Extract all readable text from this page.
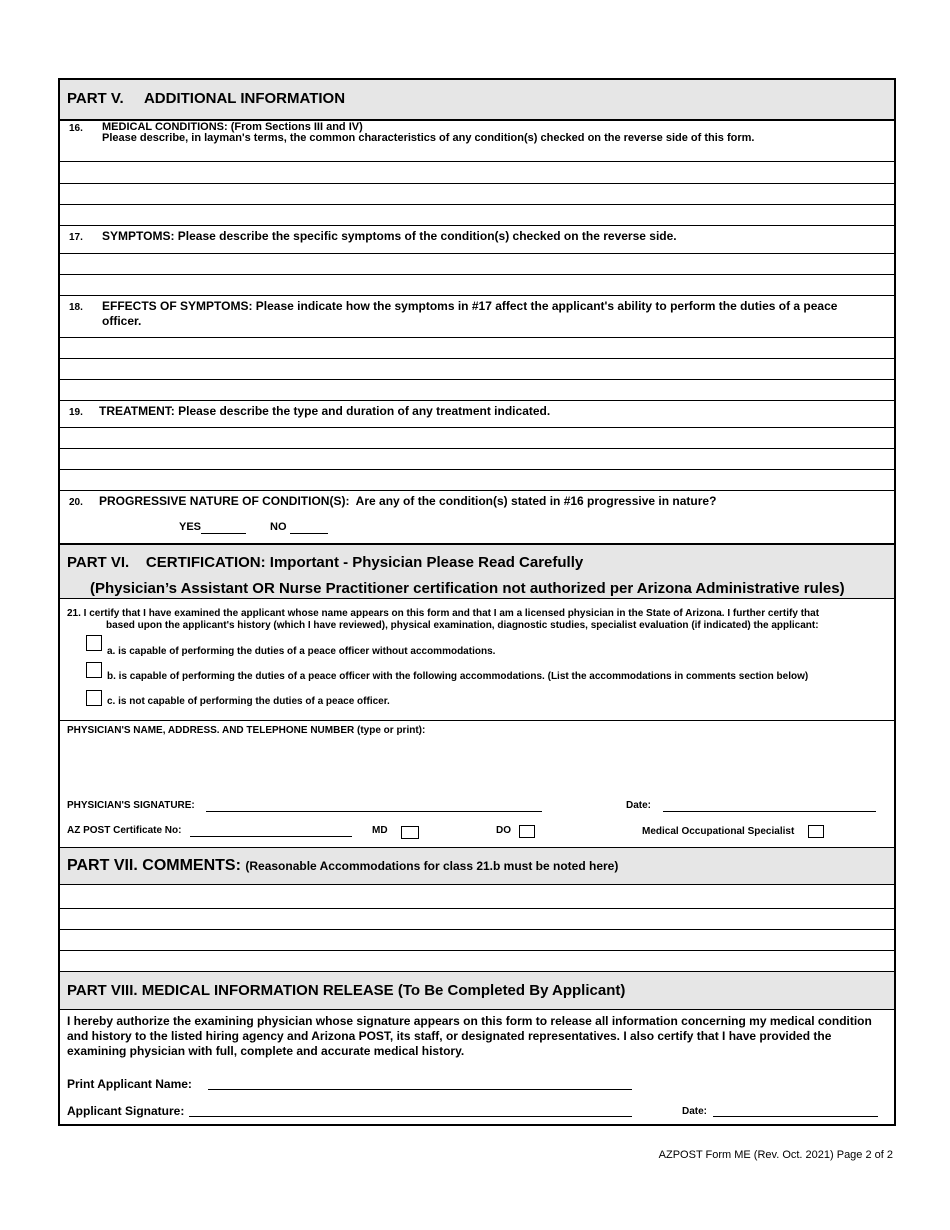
PART V.     ADDITIONAL INFORMATION
16. MEDICAL CONDITIONS: (From Sections III and IV)
Please describe, in layman's terms, the common characteristics of any condition(s) checked on the reverse side of this form.
17. SYMPTOMS: Please describe the specific symptoms of the condition(s) checked on the reverse side.
18. EFFECTS OF SYMPTOMS: Please indicate how the symptoms in #17 affect the applicant's ability to perform the duties of a peace
officer.
19. TREATMENT: Please describe the type and duration of any treatment indicated.
20. PROGRESSIVE NATURE OF CONDITION(S):  Are any of the condition(s) stated in #16 progressive in nature?
YES	NO
PART VI.    CERTIFICATION: Important - Physician Please Read Carefully
(Physician’s Assistant OR Nurse Practitioner certification not authorized per Arizona Administrative rules)
21. I certify that I have examined the applicant whose name appears on this form and that I am a licensed physician in the State of Arizona. I further certify that
based upon the applicant's history (which I have reviewed), physical examination, diagnostic studies, specialist evaluation (if indicated) the applicant:
a. is capable of performing the duties of a peace officer without accommodations.
b. is capable of performing the duties of a peace officer with the following accommodations. (List the accommodations in comments section below)
c. is not capable of performing the duties of a peace officer.
PHYSICIAN'S NAME, ADDRESS. AND TELEPHONE NUMBER (type or print):
PHYSICIAN'S SIGNATURE:	Date:
AZ POST Certificate No:	MD	DO	Medical Occupational Specialist
PART VII. COMMENTS: (Reasonable Accommodations for class 21.b must be noted here)
PART VIII. MEDICAL INFORMATION RELEASE (To Be Completed By Applicant)
I hereby authorize the examining physician whose signature appears on this form to release all information concerning my medical condition
and history to the listed hiring agency and Arizona POST, its staff, or designated representatives. I also certify that I have provided the
examining physician with full, complete and accurate medical history.
Print Applicant Name:
Applicant Signature:	Date:
AZPOST Form ME (Rev. Oct. 2021) Page 2 of 2
